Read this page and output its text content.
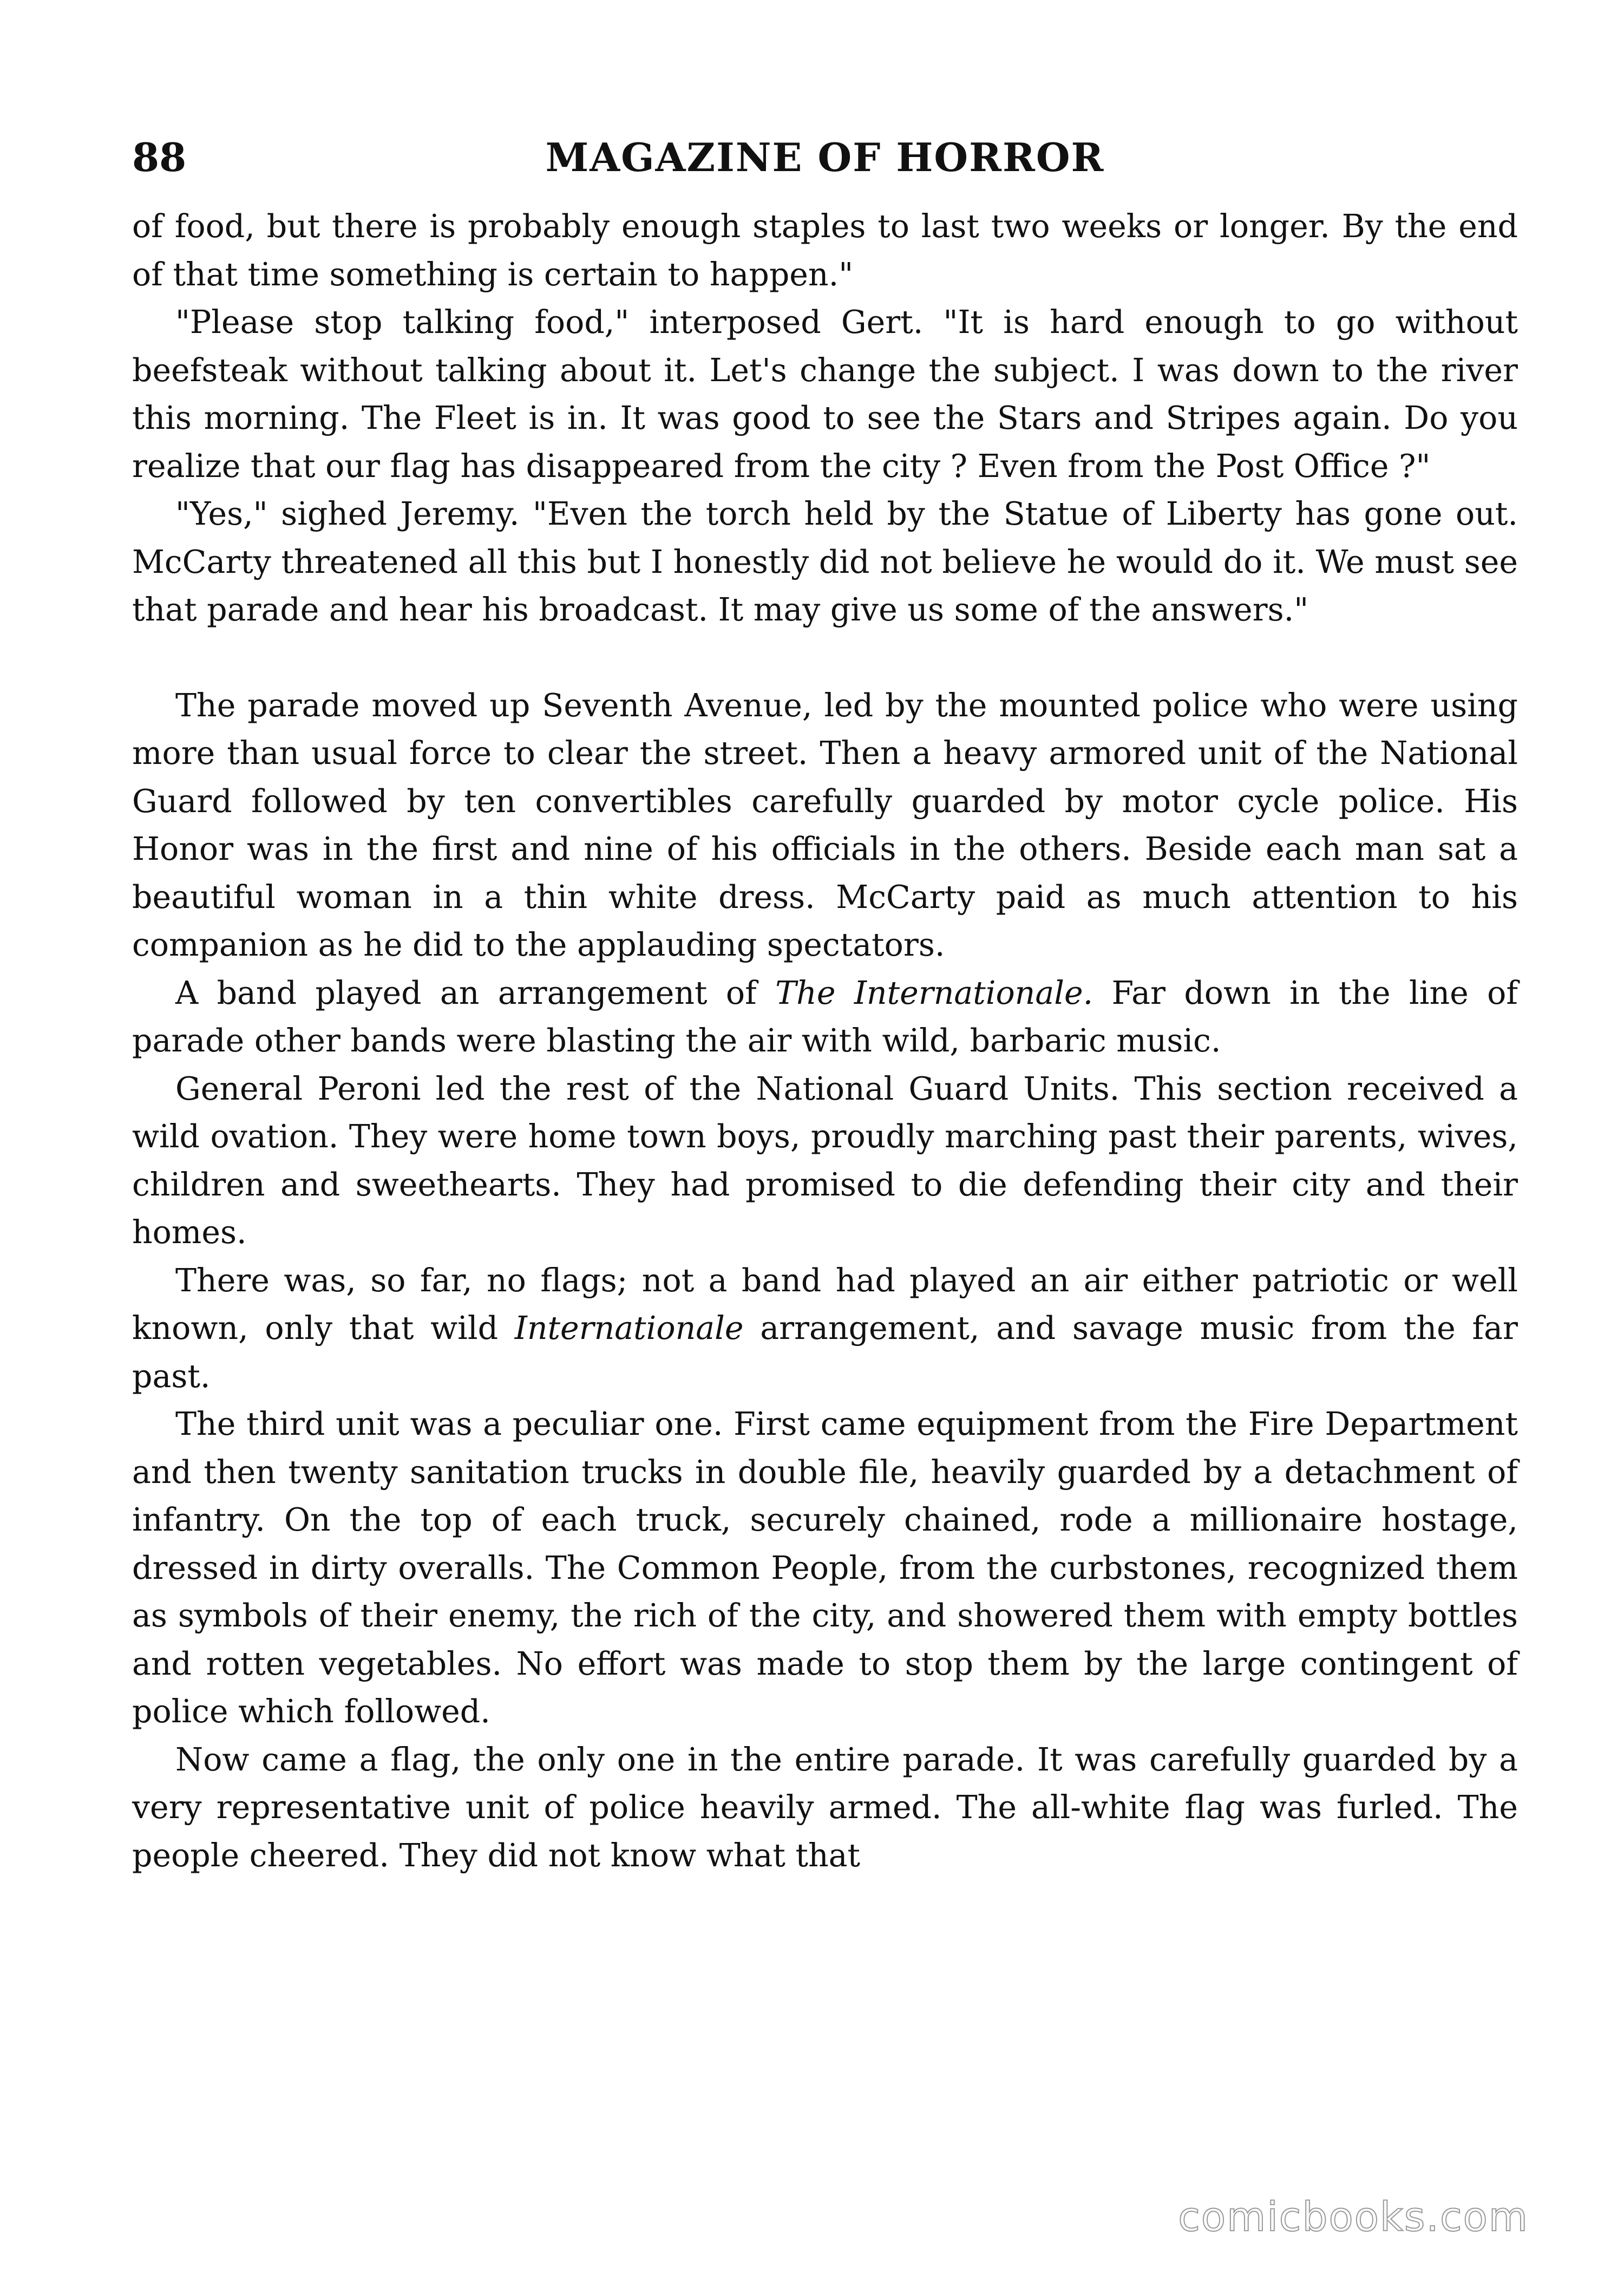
88	MAGAZINE OF HORROR

of food, but there is probably enough staples to last two weeks or longer. By the end of that time something is certain to happen."

"Please stop talking food," interposed Gert. "It is hard enough to go without beefsteak without talking about it. Let's change the subject. I was down to the river this morning. The Fleet is in. It was good to see the Stars and Stripes again. Do you realize that our flag has disappeared from the city ? Even from the Post Office ?"

"Yes," sighed Jeremy. "Even the torch held by the Statue of Liberty has gone out. McCarty threatened all this but I honestly did not believe he would do it. We must see that parade and hear his broadcast. It may give us some of the answers."

The parade moved up Seventh Avenue, led by the mounted police who were using more than usual force to clear the street. Then a heavy armored unit of the National Guard followed by ten convertibles carefully guarded by motor cycle police. His Honor was in the first and nine of his officials in the others. Beside each man sat a beautiful woman in a thin white dress. McCarty paid as much attention to his companion as he did to the applauding spectators.

A band played an arrangement of The Internationale. Far down in the line of parade other bands were blasting the air with wild, barbaric music.

General Peroni led the rest of the National Guard Units. This section received a wild ovation. They were home town boys, proudly marching past their parents, wives, children and sweethearts. They had promised to die defending their city and their homes.

There was, so far, no flags; not a band had played an air either patriotic or well known, only that wild Internationale arrangement, and savage music from the far past.

The third unit was a peculiar one. First came equipment from the Fire Department and then twenty sanitation trucks in double file, heavily guarded by a detachment of infantry. On the top of each truck, securely chained, rode a millionaire hostage, dressed in dirty overalls. The Common People, from the curbstones, recognized them as symbols of their enemy, the rich of the city, and showered them with empty bottles and rotten vegetables. No effort was made to stop them by the large contingent of police which followed.

Now came a flag, the only one in the entire parade. It was carefully guarded by a very representative unit of police heavily armed. The all-white flag was furled. The people cheered. They did not know what that

comicbooks.com
